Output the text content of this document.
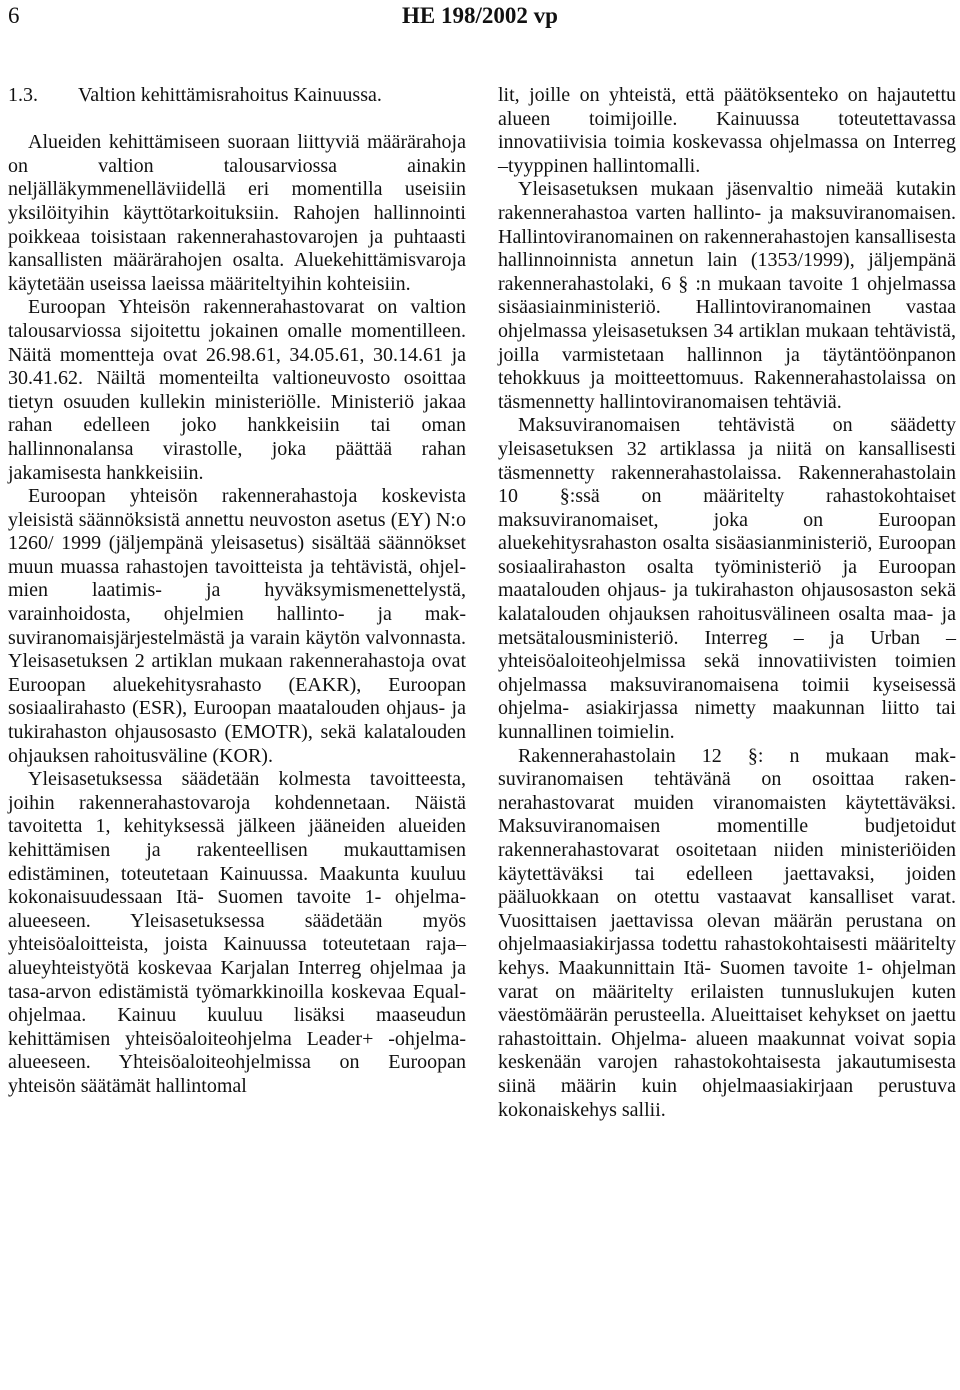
6	HE 198/2002 vp
1.3.	Valtion kehittämisrahoitus Kainuussa.

Alueiden kehittämiseen suoraan liittyviä määrärahoja on valtion talousarviossa ainakin neljälläkymmenelläviidellä eri momentilla useisiin yksilöityihin käyttötarkoituksiin. Rahojen hallinnointi poikkeaa toisistaan rakennerahastovarojen ja puhtaasti kansallisten määrärahojen osalta. Aluekehittämisvaroja käytetään useissa laeissa määriteltyihin kohteisiin.

Euroopan Yhteisön rakennerahastovarat on valtion talousarviossa sijoitettu jokainen omalle momentilleen. Näitä momentteja ovat 26.98.61, 34.05.61, 30.14.61 ja 30.41.62. Näiltä momenteilta valtioneuvosto osoittaa tietyn osuuden kullekin ministeriölle. Ministeriö jakaa rahan edelleen joko hankkeisiin tai oman hallinnonalansa virastolle, joka päättää rahan jakamisesta hankkeisiin.

Euroopan yhteisön rakennerahastoja koskevista yleisistä säännöksistä annettu neuvoston asetus (EY) N:o 1260/ 1999 (jäljempänä yleisasetus) sisältää säännökset muun muassa rahastojen tavoitteista ja tehtävistä, ohjelmien laatimis- ja hyväksymismenettelystä, varainhoidosta, ohjelmien hallinto- ja maksuviranomaisjärjestelmästä ja varain käytön valvonnasta. Yleisasetuksen 2 artiklan mukaan rakennerahastoja ovat Euroopan aluekehitysrahasto (EAKR), Euroopan sosiaalirahasto (ESR), Euroopan maatalouden ohjaus- ja tukirahaston ohjausosasto (EMOTR), sekä kalatalouden ohjauksen rahoitusväline (KOR).

Yleisasetuksessa säädetään kolmesta tavoitteesta, joihin rakennerahastovaroja kohdennetaan. Näistä tavoitetta 1, kehityksessä jälkeen jääneiden alueiden kehittämisen ja rakenteellisen mukauttamisen edistäminen, toteutetaan Kainuussa. Maakunta kuuluu kokonaisuudessaan Itä- Suomen tavoite 1- ohjelma-alueeseen. Yleisasetuksessa säädetään myös yhteisöaloitteista, joista Kainuussa toteutetaan raja–alueyhteistyötä koskevaa Karjalan Interreg ohjelmaa ja tasa-arvon edistämistä työmarkkinoilla koskevaa Equal- ohjelmaa. Kainuu kuuluu lisäksi maaseudun kehittämisen yhteisöaloiteohjelma Leader+ -ohjelma-alueeseen. Yhteisöaloiteohjelmissa on Euroopan yhteisön säätämät hallintomal

lit, joille on yhteistä, että päätöksenteko on hajautettu alueen toimijoille. Kainuussa toteutettavassa innovatiivisia toimia koskevassa ohjelmassa on Interreg –tyyppinen hallintomalli.

Yleisasetuksen mukaan jäsenvaltio nimeää kutakin rakennerahastoa varten hallinto- ja maksuviranomaisen. Hallintoviranomainen on rakennerahastojen kansallisesta hallinnoinnista annetun lain (1353/1999), jäljempänä rakennerahastolaki, 6 § :n mukaan tavoite 1 ohjelmassa sisäasiainministeriö. Hallintoviranomainen vastaa ohjelmassa yleisasetuksen 34 artiklan mukaan tehtävistä, joilla varmistetaan hallinnon ja täytäntöönpanon tehokkuus ja moitteettomuus. Rakennerahastolaissa on täsmennetty hallintoviranomaisen tehtäviä.

Maksuviranomaisen tehtävistä on säädetty yleisasetuksen 32 artiklassa ja niitä on kansallisesti täsmennetty rakennerahastolaissa. Rakennerahastolain 10 §:ssä on määritelty rahastokohtaiset maksuviranomaiset, joka on Euroopan aluekehitysrahaston osalta sisäasianministeriö, Euroopan sosiaalirahaston osalta työministeriö ja Euroopan maatalouden ohjaus- ja tukirahaston ohjausosaston sekä kalatalouden ohjauksen rahoitusvälineen osalta maa- ja metsätalousministeriö. Interreg – ja Urban – yhteisöaloiteohjelmissa sekä innovatiivisten toimien ohjelmassa maksuviranomaisena toimii kyseisessä ohjelma- asiakirjassa nimetty maakunnan liitto tai kunnallinen toimielin.

Rakennerahastolain 12 §: n mukaan maksuviranomaisen tehtävänä on osoittaa rakennerahastovarat muiden viranomaisten käytettäväksi. Maksuviranomaisen momentille budjetoidut rakennerahastovarat osoitetaan niiden ministeriöiden käytettäväksi tai edelleen jaettavaksi, joiden pääluokkaan on otettu vastaavat kansalliset varat. Vuosittaisen jaettavissa olevan määrän perustana on ohjelmaasiakirjassa todettu rahastokohtaisesti määritelty kehys. Maakunnittain Itä- Suomen tavoite 1- ohjelman varat on määritelty erilaisten tunnuslukujen kuten väestömäärän perusteella. Alueittaiset kehykset on jaettu rahastoittain. Ohjelma- alueen maakunnat voivat sopia keskenään varojen rahastokohtaisesta jakautumisesta siinä määrin kuin ohjelmaasiakirjaan perustuva kokonaiskehys sallii.
